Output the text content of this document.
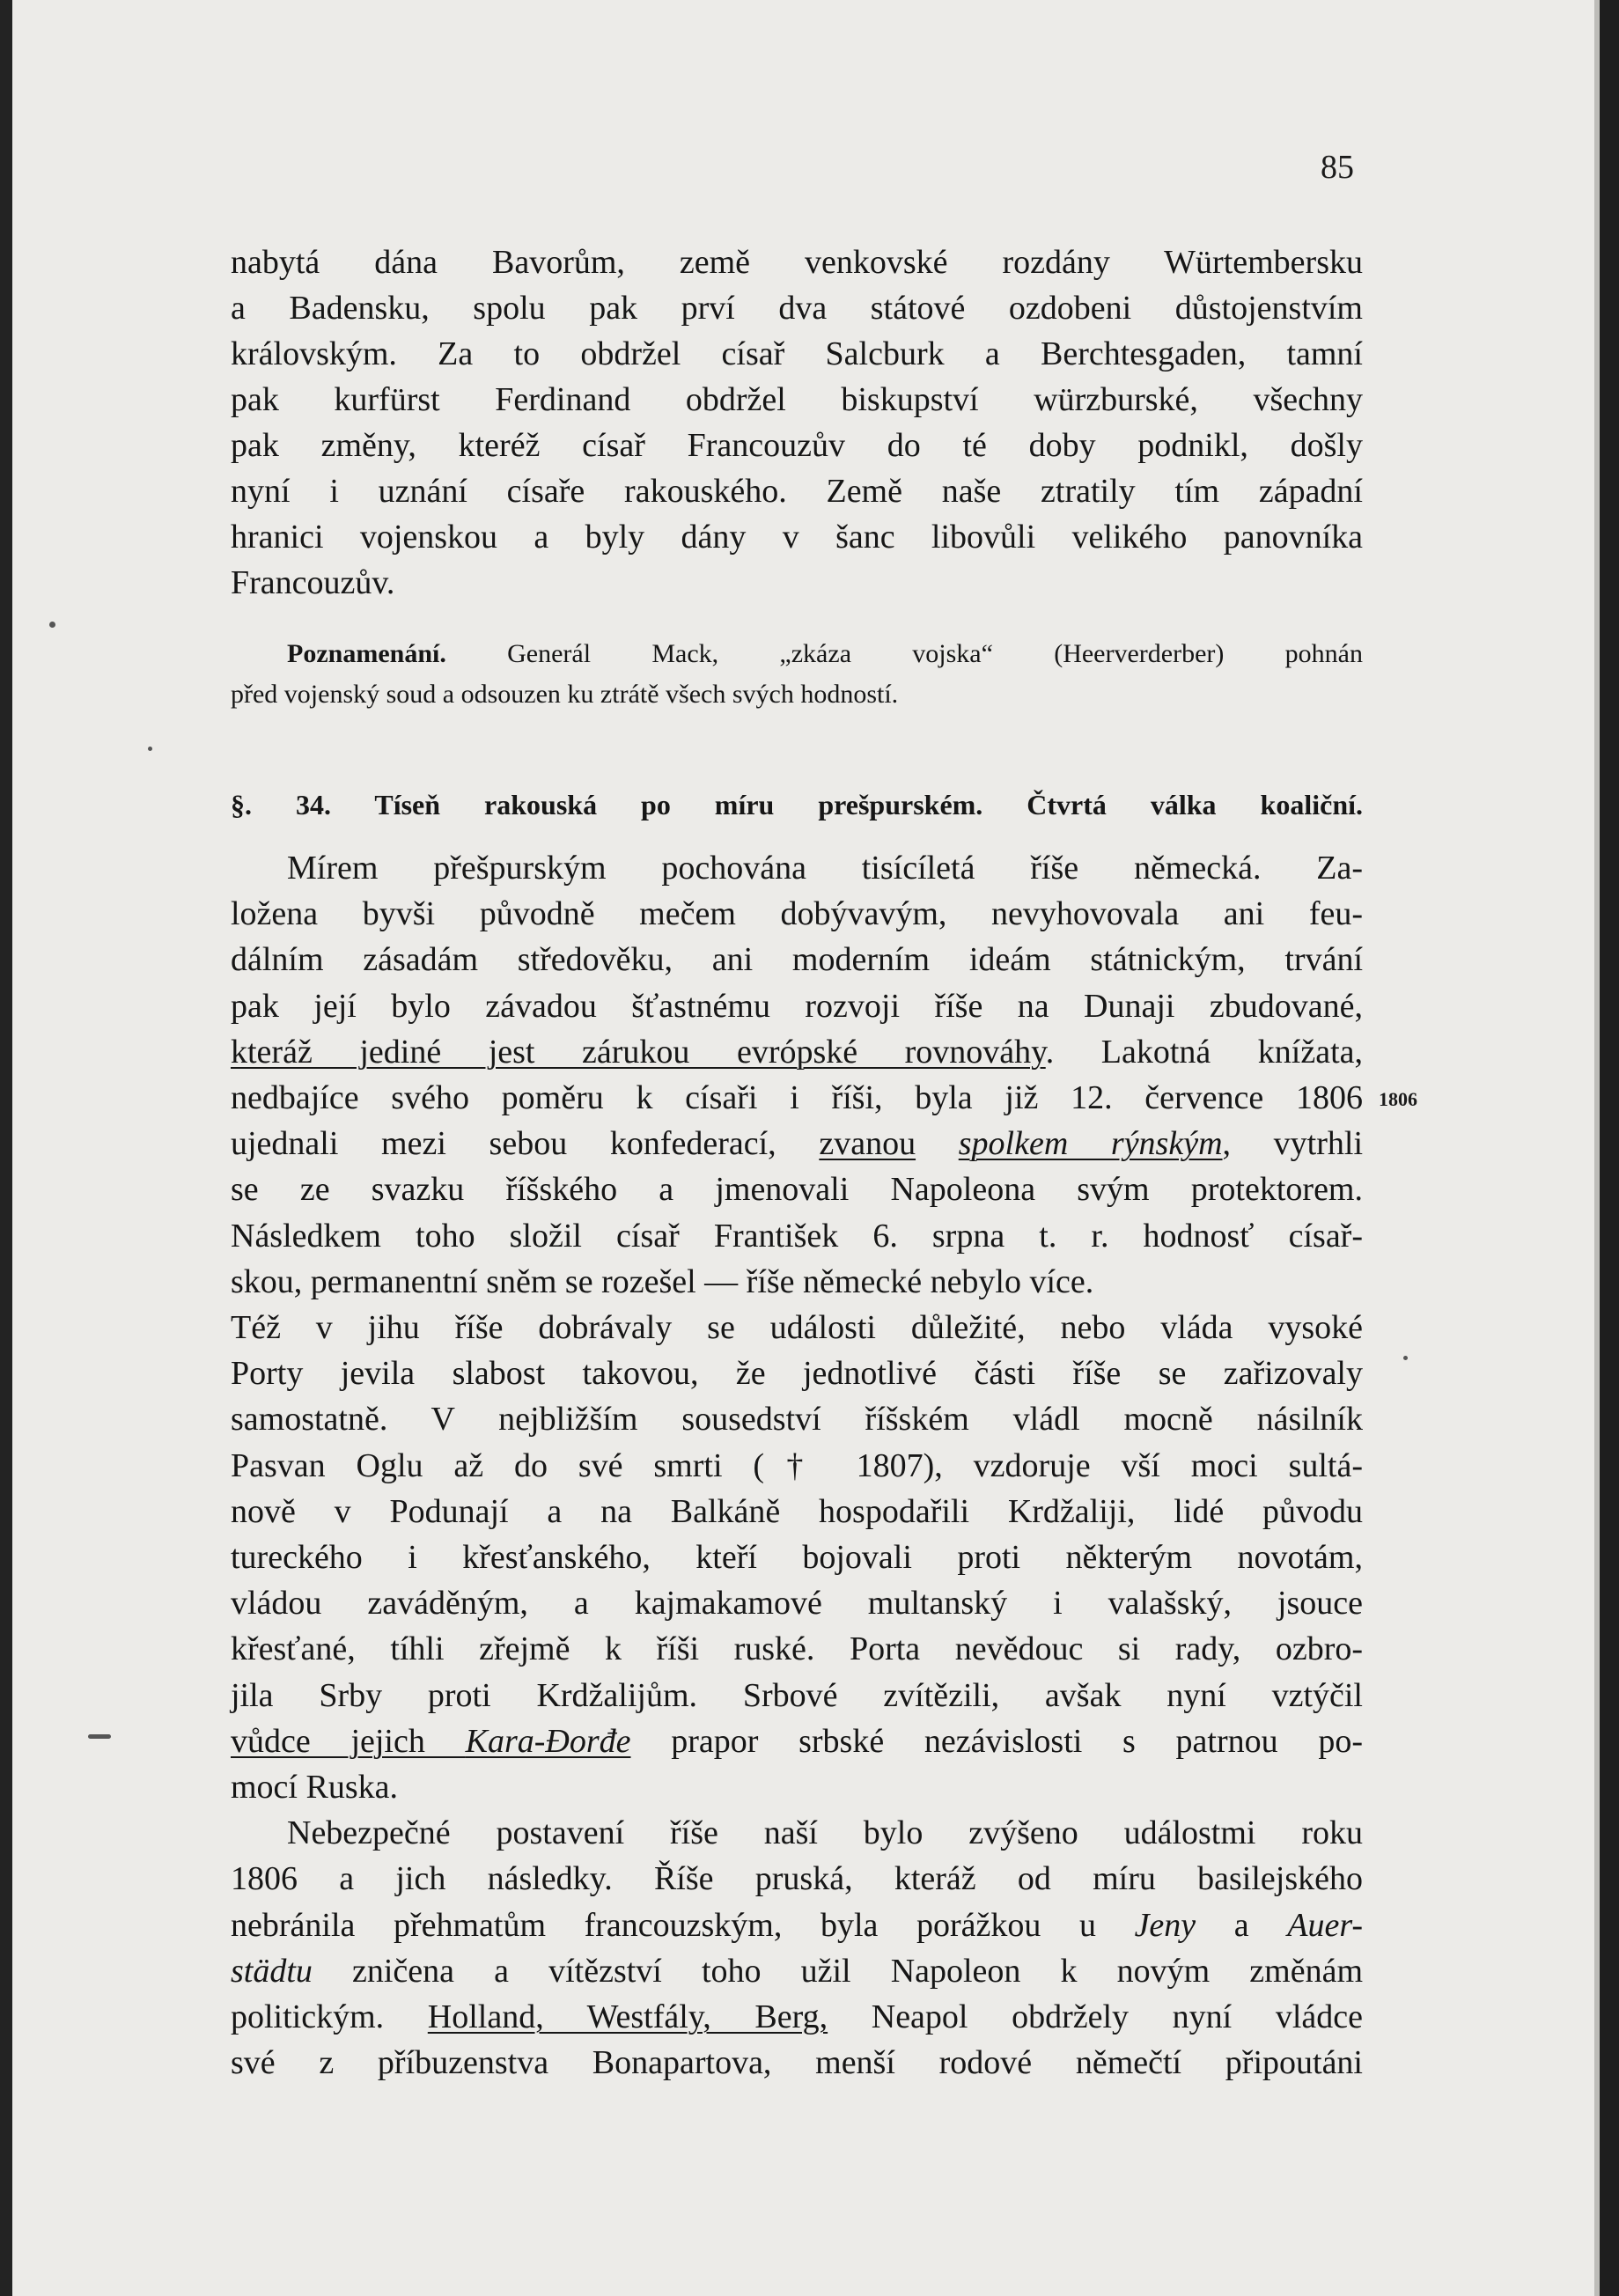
85
nabytá dána Bavorům, země venkovské rozdány Würtembersku
a Badensku, spolu pak prví dva státové ozdobeni důstojenstvím
královským. Za to obdržel císař Salcburk a Berchtesgaden, tamní
pak kurfürst Ferdinand obdržel biskupství würzburské, všechny
pak změny, kteréž císař Francouzův do té doby podnikl, došly
nyní i uznání císaře rakouského. Země naše ztratily tím západní
hranici vojenskou a byly dány v šanc libovůli velikého panovníka
Francouzův.
Poznamenání. Generál Mack, „zkáza vojska“ (Heerverderber) pohnán
před vojenský soud a odsouzen ku ztrátě všech svých hodností.
§. 34. Tíseň rakouská po míru prešpurském. Čtvrtá válka koaliční.
1806
Mírem přešpurským pochována tisícíletá říše německá. Za-
ložena byvši původně mečem dobývavým, nevyhovovala ani feu-
dálním zásadám středověku, ani moderním ideám státnickým, trvání
pak její bylo závadou šťastnému rozvoji říše na Dunaji zbudované,
kteráž jediné jest zárukou evrópské rovnováhy. Lakotná knížata,
nedbajíce svého poměru k císaři i říši, byla již 12. července 1806
ujednali mezi sebou konfederací, zvanou spolkem rýnským, vytrhli
se ze svazku říšského a jmenovali Napoleona svým protektorem.
Následkem toho složil císař František 6. srpna t. r. hodnosť císař-
skou, permanentní sněm se rozešel — říše německé nebylo více.
Též v jihu říše dobrávaly se události důležité, nebo vláda vysoké
Porty jevila slabost takovou, že jednotlivé části říše se zařizovaly
samostatně. V nejbližším sousedství říšském vládl mocně násilník
Pasvan Oglu až do své smrti († 1807), vzdoruje vší moci sultá-
nově v Podunají a na Balkáně hospodařili Krdžaliji, lidé původu
tureckého i křesťanského, kteří bojovali proti některým novotám,
vládou zaváděným, a kajmakamové multanský i valašský, jsouce
křesťané, tíhli zřejmě k říši ruské. Porta nevědouc si rady, ozbro-
jila Srby proti Krdžalijům. Srbové zvítězili, avšak nyní vztýčil
vůdce jejich Kara-Đorđe prapor srbské nezávislosti s patrnou po-
mocí Ruska.
Nebezpečné postavení říše naší bylo zvýšeno událostmi roku
1806 a jich následky. Říše pruská, kteráž od míru basilejského
nebránila přehmatům francouzským, byla porážkou u Jeny a Auer-
städtu zničena a vítězství toho užil Napoleon k novým změnám
politickým. Holland, Westfály, Berg, Neapol obdržely nyní vládce
své z příbuzenstva Bonapartova, menší rodové němečtí připoutáni
